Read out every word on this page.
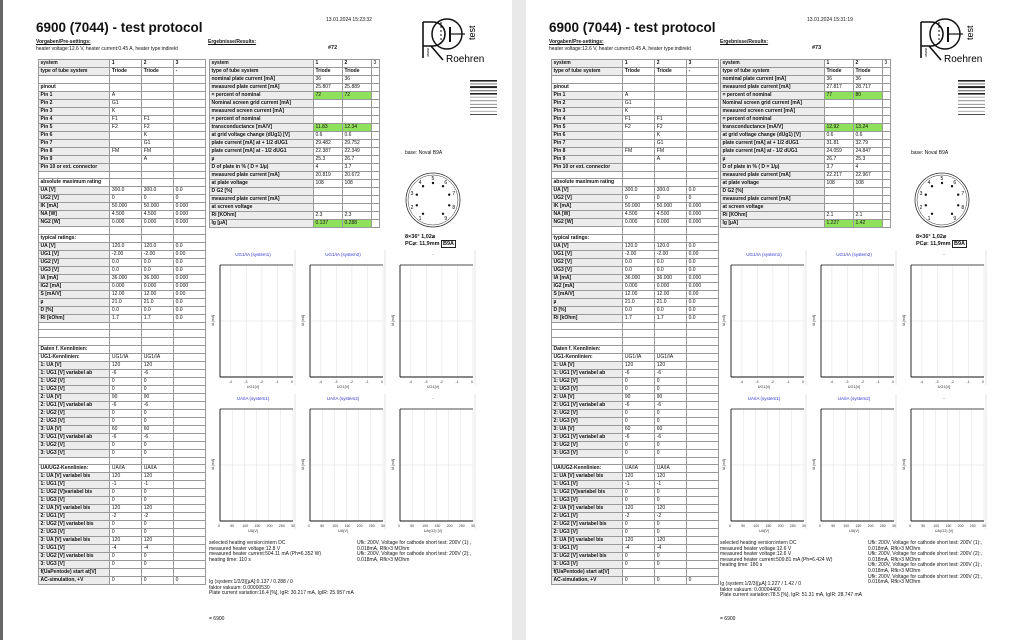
6900 (7044) - test protocol	13.01.2024 15:23:32
Vorgaben/Pre-settings:
heater voltage:12.6 V, heater current:0.45 A, heater type:indirekt
Ergebnisse/Results:
#72
system	1	2	3
type of tube system	Triode	Triode	-

pinout			
Pin 1	A		
Pin 2	G1		
Pin 3	K		
Pin 4	F1	F1	
Pin 5	F2	F2	
Pin 6		K	
Pin 7		G1	
Pin 8	FM	FM	
Pin 9		A	
Pin 10 or ext. connector			

absolute maximum rating			
UA [V]	300.0	300.0	0.0
UG2 [V]	0	0	0
IK [mA]	50.000	50.000	0.000
NA [W]	4.500	4.500	0.000
NG2 [W]	0.000	0.000	0.000

typical ratings:			
UA [V]	120.0	120.0	0.0
UG1 [V]	-2.00	-2.00	0.00
UG2 [V]	0.0	0.0	0.0
UG3 [V]	0.0	0.0	0.0
IA [mA]	36.000	36.000	0.000
IG2 [mA]	0.000	0.000	0.000
S [mA/V]	12.00	12.00	0.00
µ	21.0	21.0	0.0
D [%]	0.0	0.0	0.0
Ri [kOhm]	1.7	1.7	0.0

Daten f. Kennlinien:			
UG1-Kennlinien:	UG1/IA	UG1/IA	
1: UA [V]	120	120	
1: UG1 [V] variabel ab	-6	-6	
1: UG2 [V]	0	0	
1: UG3 [V]	0	0	
2: UA [V]	90	90	
2: UG1 [V] variabel ab	-6	-6	
2: UG2 [V]	0	0	
2: UG3 [V]	0	0	
3: UA [V]	60	60	
3: UG1 [V] variabel ab	-6	-6	
3: UG2 [V]	0	0	
3: UG3 [V]	0	0	

UA/UG2-Kennlinien:	UA/IA	UA/IA	
1: UA [V] variabel bis	120	120	
1: UG1 [V]	-1	-1	
1: UG2 [V]variabel bis	0	0	
1: UG3 [V]	0	0	
2: UA [V] variabel bis	120	120	
2: UG1 [V]	-2	-2	
2: UG2 [V] variabel bis	0	0	
2: UG3 [V]	0	0	
3: UA [V] variabel bis	120	120	
3: UG1 [V]	-4	-4	
3: UG2 [V] variabel bis	0	0	
3: UG3 [V]	0	0	
f(UaPentode) start at[V]			
AC-simulation, +V	0	0	0
system	1	2	3
type of tube system	Triode	Triode	
nominal plate current [mA]	36	36	
measured plate current [mA]	25.807	25.889	
= percent of nominal	72	72	
Nominal screen grid current [mA]			
measured screen current [mA]			
= percent of nominal			
transconductance [mA/V]	11.83	12.34	
at grid voltage change (dUg1) [V]	0.6	0.6	
plate current [mA] at + 1/2 dUG1	29.482	29.752	
plate current [mA] at - 1/2 dUG1	22.387	22.349	
µ	25.3	26.7	
D of plate in % ( D = 1/µ)	4	3.7	
measured plate current [mA]	20.819	20.672	
at plate voltage	108	108	
D G2 [%]			
measured plate current [mA]			
at screen voltage			
Ri [KOhm]	2.3	2.3	
Ig [µA]	0.137	0.288	
Roehren
test
www
base: Noval B9A
1
2
3
4
5
6
7
8
9
8×36° 1,02⌀
PC⌀: 11,9mm B9A
-4	-3	-2	-1	0
IA [mA]
UG1/IA (system1)
UG1[V]
-4	-3	-2	-1	0
IA [mA]
UG1/IA (system2)
UG1[V]
-4	-3	-2	-1	0
IA [mA]
-
UG1[V]
0	50 100 150 200 250 30
IA [mA]
UA/IA (system1)
UA[V]
0	50 100 150 200 250 30
IA [mA]
UA/IA (system2)
UA[V]
0	50 100 150 200 250 30
IA [mA]
-
UA(G2) [V]
selected heating version:intern DC
measured heater voltage:12.8 V
measured heater current:504.11 mA (Ph=6.352 W)
heating time: 110 s
Ufk: 200V, Voltage for cathode short test: 200V (1):,
0.018mA, Rfk>3 MOhm
Ufk: 200V, Voltage for cathode short test: 200V (2):,
0.018mA, Rfk>3 MOhm
Ig (system:1/2/3)[µA]:0.137 / 0.288 / 0
faktor vakuum: 0.00000530
Plate current variation:16.4 [%], IgR: 30.217 mA, IgIR: 25.957 mA
= 6900
6900 (7044) - test protocol	13.01.2024 15:31:19
Vorgaben/Pre-settings:
heater voltage:12.6 V, heater current:0.45 A, heater type:indirekt
Ergebnisse/Results:
#73
system	1	2	3
type of tube system	Triode	Triode	-

pinout			
Pin 1	A		
Pin 2	G1		
Pin 3	K		
Pin 4	F1	F1	
Pin 5	F2	F2	
Pin 6		K	
Pin 7		G1	
Pin 8	FM	FM	
Pin 9		A	
Pin 10 or ext. connector			

absolute maximum rating			
UA [V]	300.0	300.0	0.0
UG2 [V]	0	0	0
IK [mA]	50.000	50.000	0.000
NA [W]	4.500	4.500	0.000
NG2 [W]	0.000	0.000	0.000

typical ratings:			
UA [V]	120.0	120.0	0.0
UG1 [V]	-2.00	-2.00	0.00
UG2 [V]	0.0	0.0	0.0
UG3 [V]	0.0	0.0	0.0
IA [mA]	36.000	36.000	0.000
IG2 [mA]	0.000	0.000	0.000
S [mA/V]	12.00	12.00	0.00
µ	21.0	21.0	0.0
D [%]	0.0	0.0	0.0
Ri [kOhm]	1.7	1.7	0.0

Daten f. Kennlinien:			
UG1-Kennlinien:	UG1/IA	UG1/IA	
1: UA [V]	120	120	
1: UG1 [V] variabel ab	-6	-6	
1: UG2 [V]	0	0	
1: UG3 [V]	0	0	
2: UA [V]	90	90	
2: UG1 [V] variabel ab	-6	-6	
2: UG2 [V]	0	0	
2: UG3 [V]	0	0	
3: UA [V]	60	60	
3: UG1 [V] variabel ab	-6	-6	
3: UG2 [V]	0	0	
3: UG3 [V]	0	0	

UA/UG2-Kennlinien:	UA/IA	UA/IA	
1: UA [V] variabel bis	120	120	
1: UG1 [V]	-1	-1	
1: UG2 [V]variabel bis	0	0	
1: UG3 [V]	0	0	
2: UA [V] variabel bis	120	120	
2: UG1 [V]	-2	-2	
2: UG2 [V] variabel bis	0	0	
2: UG3 [V]	0	0	
3: UA [V] variabel bis	120	120	
3: UG1 [V]	-4	-4	
3: UG2 [V] variabel bis	0	0	
3: UG3 [V]	0	0	
f(UaPentode) start at[V]			
AC-simulation, +V	0	0	0
system	1	2	3
type of tube system	Triode	Triode	
nominal plate current [mA]	36	36	
measured plate current [mA]	27.817	28.717	
= percent of nominal	77	80	
Nominal screen grid current [mA]			
measured screen current [mA]			
= percent of nominal			
transconductance [mA/V]	12.92	13.24	
at grid voltage change (dUg1) [V]	0.6	0.6	
plate current [mA] at + 1/2 dUG1	31.81	32.79	
plate current [mA] at - 1/2 dUG1	24.059	24.847	
µ	26.7	25.3	
D of plate in % ( D = 1/µ)	3.7	4	
measured plate current [mA]	22.217	22.967	
at plate voltage	108	108	
D G2 [%]			
measured plate current [mA]			
at screen voltage			
Ri [KOhm]	2.1	2.1	
Ig [µA]	1.227	1.42	
Roehren
test
www
base: Noval B9A
1
2
3
4
5
6
7
8
9
8×36° 1,02⌀
PC⌀: 11,9mm B9A
-4	-3	-2	-1	0
IA [mA]
UG1/IA (system1)
UG1[V]
-4	-3	-2	-1	0
IA [mA]
UG1/IA (system2)
UG1[V]
-4	-3	-2	-1	0
IA [mA]
-
UG1[V]
0	50 100 150 200 250 30
IA [mA]
UA/IA (system1)
UA[V]
0	50 100 150 200 250 30
IA [mA]
UA/IA (system2)
UA[V]
0	50 100 150 200 250 30
IA [mA]
-
UA(G2) [V]
selected heating version:intern DC
measured heater voltage:12.6 V
measured heater voltage:12.6 V
measured heater current:509.81 mA (Ph=6.424 W)
heating time: 180 s
Ufk: 200V, Voltage for cathode short test: 200V (1):,
0.018mA, Rfk>3 MOhm
Ufk: 200V, Voltage for cathode short test: 200V (2):,
0.018mA, Rfk>3 MOhm
Ufk: 200V, Voltage for cathode short test: 200V (1):,
0.018mA, Rfk>3 MOhm
Ufk: 200V, Voltage for cathode short test: 200V (2):,
0.016mA, Rfk>3 MOhm
Ig (system:1/2/3)[µA]:1.227 / 1.42 / 0
faktor vakuum: 0.00004400
Plate current variation:78.5 [%], IgR: 51.31 mA, IgIR: 28.747 mA
= 6900
